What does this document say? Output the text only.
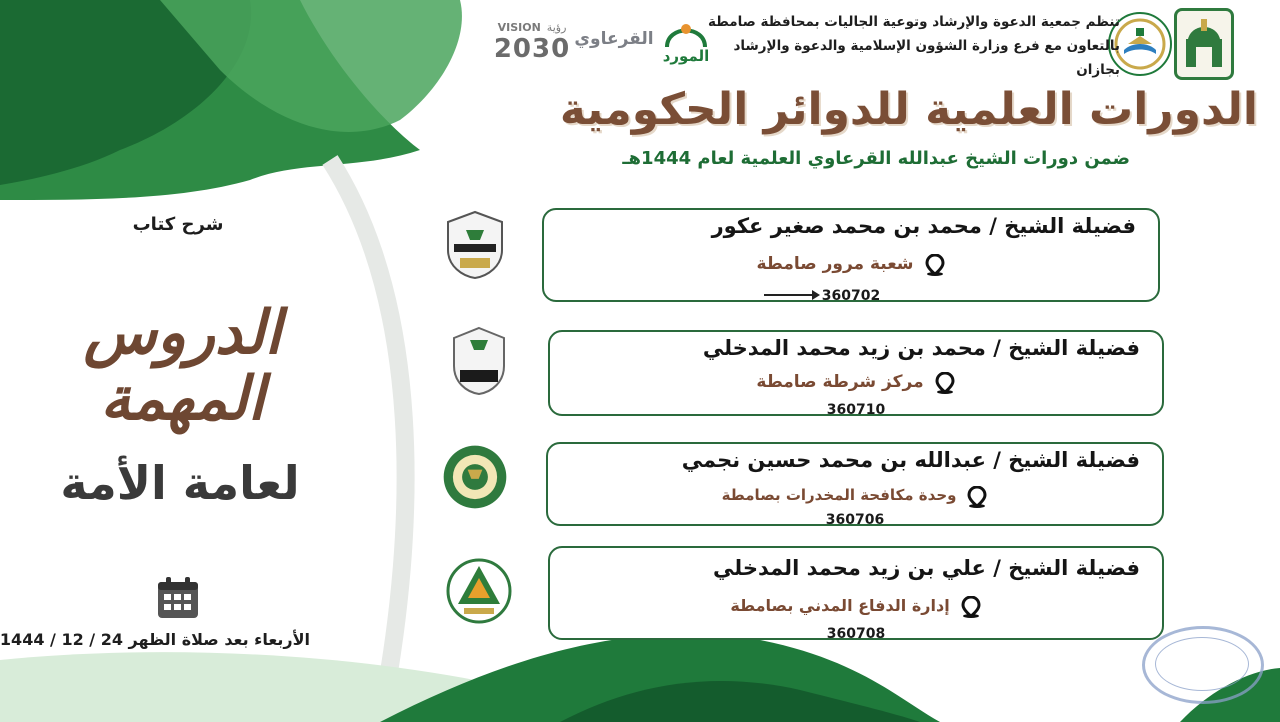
تنظم جمعية الدعوة والإرشاد وتوعية الجاليات بمحافظة صامطة
بالتعاون مع فرع وزارة الشؤون الإسلامية والدعوة والإرشاد بجازان
المورد
القرعاوي
VISION رؤية
2030
الدورات العلمية للدوائر الحكومية
ضمن دورات الشيخ عبدالله القرعاوي العلمية لعام 1444هـ
فضيلة الشيخ / محمد بن محمد صغير عكور
شعبة مرور صامطة
360702
فضيلة الشيخ / محمد بن زيد محمد المدخلي
مركز شرطة صامطة
360710
فضيلة الشيخ / عبدالله بن محمد حسين نجمي
وحدة مكافحة المخدرات بصامطة
360706
فضيلة الشيخ / علي بن زيد محمد المدخلي
إدارة الدفاع المدني بصامطة
360708
شرح كتاب
الدروس المهمة
لعامة الأمة
الأربعاء بعد صلاة الظهر 24 / 12 / 1444
